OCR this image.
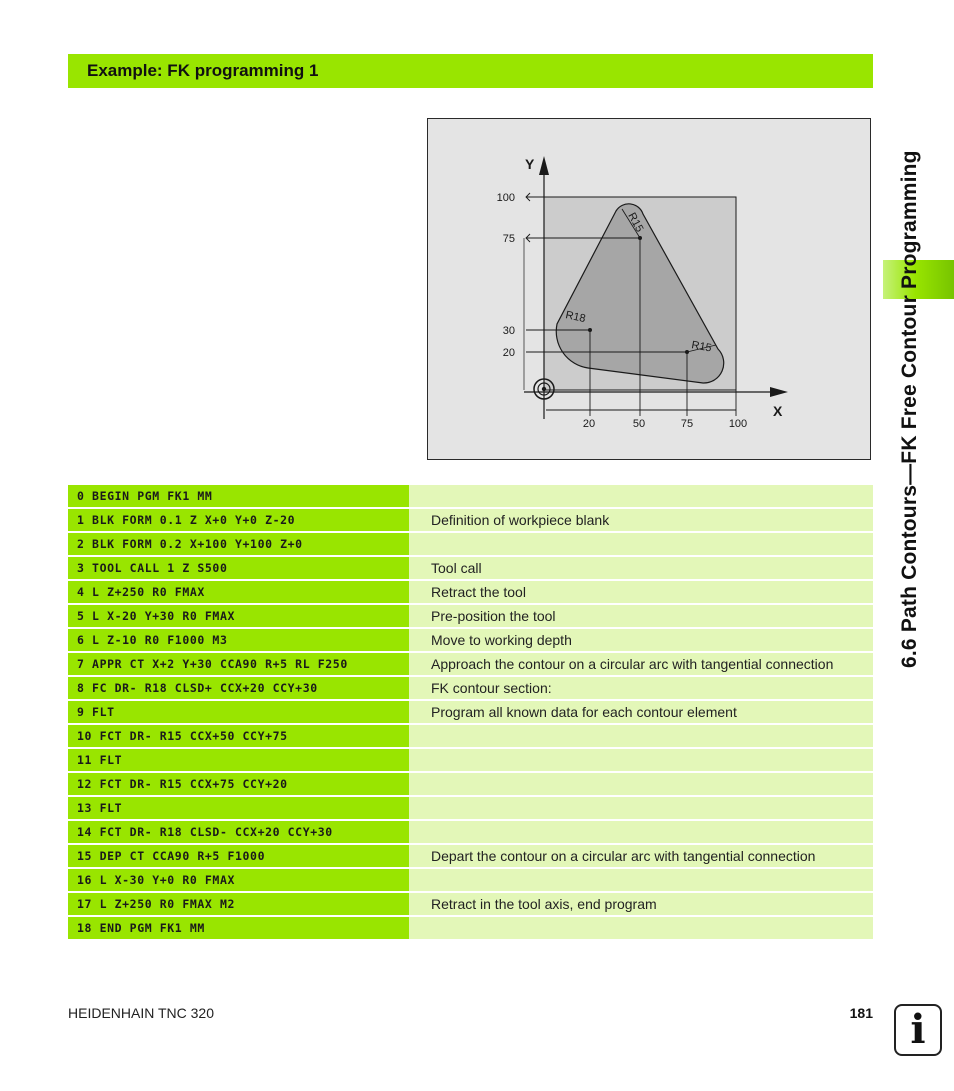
Example: FK programming 1
Y
X
100
75
30
20
20	50	75	100
R15
R18
R15
0 BEGIN PGM FK1 MM
1 BLK FORM 0.1 Z X+0 Y+0 Z-20	Definition of workpiece blank
2 BLK FORM 0.2 X+100 Y+100 Z+0
3 TOOL CALL 1 Z S500	Tool call
4 L Z+250 R0 FMAX	Retract the tool
5 L X-20 Y+30 R0 FMAX	Pre-position the tool
6 L Z-10 R0 F1000 M3	Move to working depth
7 APPR CT X+2 Y+30 CCA90 R+5 RL F250	Approach the contour on a circular arc with tangential connection
8 FC DR- R18 CLSD+ CCX+20 CCY+30	FK contour section:
9 FLT	Program all known data for each contour element
10 FCT DR- R15 CCX+50 CCY+75
11 FLT
12 FCT DR- R15 CCX+75 CCY+20
13 FLT
14 FCT DR- R18 CLSD- CCX+20 CCY+30
15 DEP CT CCA90 R+5 F1000	Depart the contour on a circular arc with tangential connection
16 L X-30 Y+0 R0 FMAX
17 L Z+250 R0 FMAX M2	Retract in the tool axis, end program
18 END PGM FK1 MM
6.6 Path Contours—FK Free Contour Programming
HEIDENHAIN TNC 320	181 i
